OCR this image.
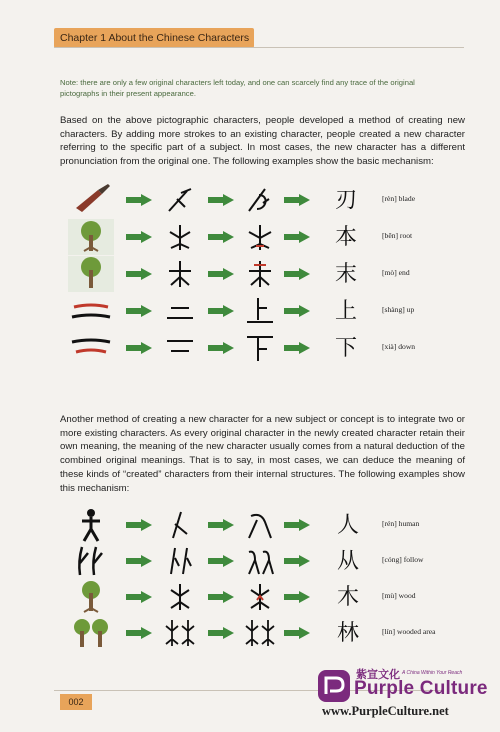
Chapter 1 About the Chinese Characters
Note: there are only a few original characters left today, and one can scarcely find any trace of the original pictographs in their present appearance.
Based on the above pictographic characters, people developed a method of creating new characters. By adding more strokes to an existing character, people created a new character referring to the specific part of a subject. In most cases, the new character has a different pronunciation from the original one. The following examples show the basic mechanism:
刃	[rèn] blade
本	[běn] root
末	[mò] end
上	[shàng] up
下	[xià] down
Another method of creating a new character for a new subject or concept is to integrate two or more existing characters. As every original character in the newly created character retain their own meaning, the meaning of the new character usually comes from a natural deduction of the combined original meanings. That is to say, in most cases, we can deduce the meaning of these kinds of “created” characters from their internal structures. The following examples show this mechanism:
人	[rén] human
从	[cóng] follow
木	[mù] wood
林	[lín] wooded area
002
紫宣文化 A China Within Your Reach
Purple Culture
www.PurpleCulture.net
